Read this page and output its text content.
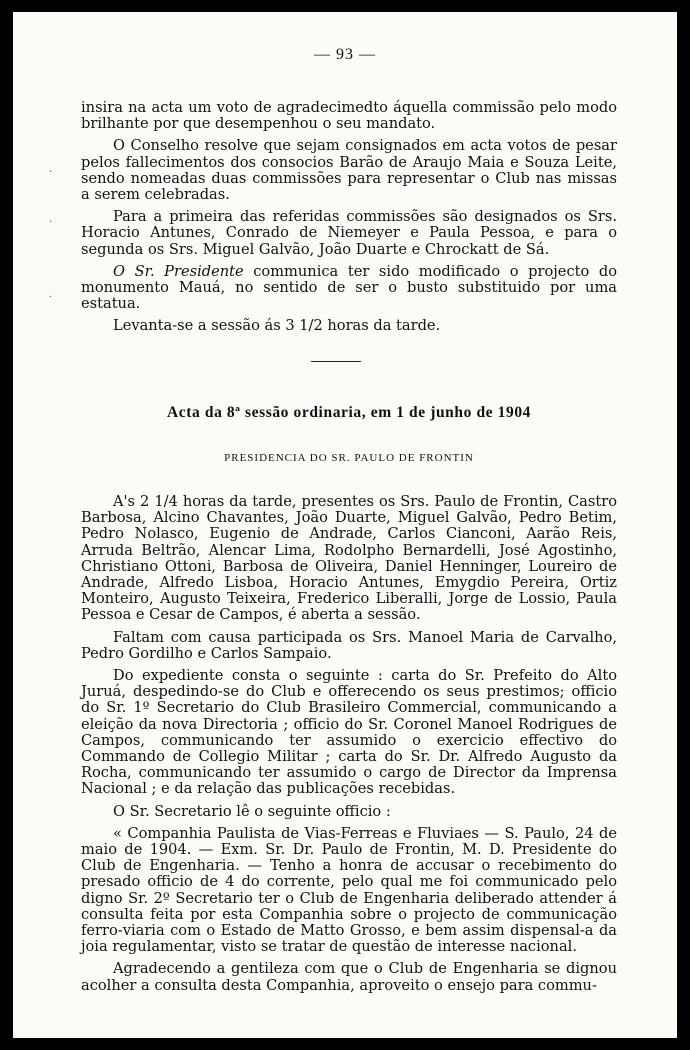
— 93 —

insira na acta um voto de agradecimedto áquella commissão pelo modo brilhante por que desempenhou o seu mandato.

O Conselho resolve que sejam consignados em acta votos de pesar pelos fallecimentos dos consocios Barão de Araujo Maia e Souza Leite, sendo nomeadas duas commissões para representar o Club nas missas a serem celebradas.

Para a primeira das referidas commissões são designados os Srs. Horacio Antunes, Conrado de Niemeyer e Paula Pessoa, e para o segunda os Srs. Miguel Galvão, João Duarte e Chrockatt de Sá.

O Sr. Presidente communica ter sido modificado o projecto do monumento Mauá, no sentido de ser o busto substituido por uma estatua.

Levanta-se a sessão ás 3 1/2 horas da tarde.

Acta da 8ª sessão ordinaria, em 1 de junho de 1904
PRESIDENCIA DO SR. PAULO DE FRONTIN

A's 2 1/4 horas da tarde, presentes os Srs. Paulo de Frontin, Castro Barbosa, Alcino Chavantes, João Duarte, Miguel Galvão, Pedro Betim, Pedro Nolasco, Eugenio de Andrade, Carlos Cianconi, Aarão Reis, Arruda Beltrão, Alencar Lima, Rodolpho Bernardelli, José Agostinho, Christiano Ottoni, Barbosa de Oliveira, Daniel Henninger, Loureiro de Andrade, Alfredo Lisboa, Horacio Antunes, Emygdio Pereira, Ortiz Monteiro, Augusto Teixeira, Frederico Liberalli, Jorge de Lossio, Paula Pessoa e Cesar de Campos, é aberta a sessão.

Faltam com causa participada os Srs. Manoel Maria de Carvalho, Pedro Gordilho e Carlos Sampaio.

Do expediente consta o seguinte : carta do Sr. Prefeito do Alto Juruá, despedindo-se do Club e offerecendo os seus prestimos; officio do Sr. 1º Secretario do Club Brasileiro Commercial, communicando a eleição da nova Directoria ; officio do Sr. Coronel Manoel Rodrigues de Campos, communicando ter assumido o exercicio effectivo do Commando de Collegio Militar ; carta do Sr. Dr. Alfredo Augusto da Rocha, communicando ter assumido o cargo de Director da Imprensa Nacional ; e da relação das publicações recebidas.

O Sr. Secretario lê o seguinte officio :

« Companhia Paulista de Vias-Ferreas e Fluviaes — S. Paulo, 24 de maio de 1904. — Exm. Sr. Dr. Paulo de Frontin, M. D. Presidente do Club de Engenharia. — Tenho a honra de accusar o recebimento do presado officio de 4 do corrente, pelo qual me foi communicado pelo digno Sr. 2º Secretario ter o Club de Engenharia deliberado attender á consulta feita por esta Companhia sobre o projecto de communicação ferro-viaria com o Estado de Matto Grosso, e bem assim dispensal-a da joia regulamentar, visto se tratar de questão de interesse nacional.

Agradecendo a gentileza com que o Club de Engenharia se dignou acolher a consulta desta Companhia, aproveito o ensejo para commu-

·
·
·
